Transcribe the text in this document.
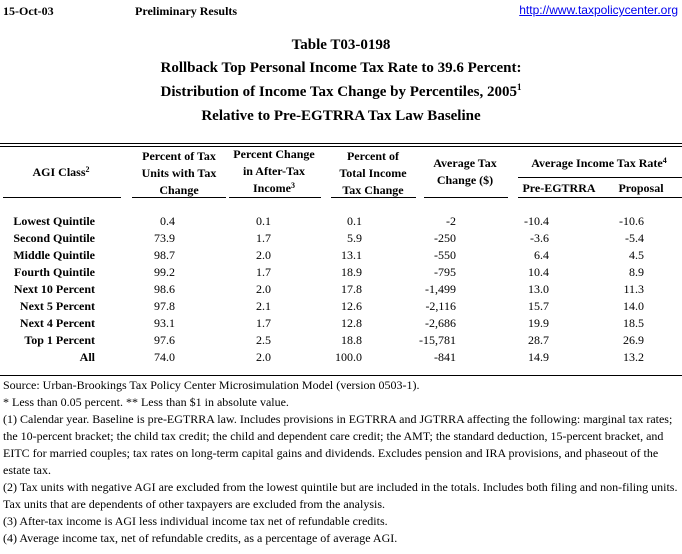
15-Oct-03	Preliminary Results	http://www.taxpolicycenter.org
Table T03-0198
Rollback Top Personal Income Tax Rate to 39.6 Percent:
Distribution of Income Tax Change by Percentiles, 2005$^1$
Relative to Pre-EGTRRA Tax Law Baseline
AGI Class$^2$
Percent of Tax
Units with Tax
Change
Percent Change
in After-Tax
Income$^3$
Percent of
Total Income
Tax Change
Average Tax
Change ($)
Average Income Tax Rate$^4$
Pre-EGTRRA	Proposal
Lowest Quintile	0.4	0.1	0.1	-2	-10.4	-10.6
Second Quintile	73.9	1.7	5.9	-250	-3.6	-5.4
Middle Quintile	98.7	2.0	13.1	-550	6.4	4.5
Fourth Quintile	99.2	1.7	18.9	-795	10.4	8.9
Next 10 Percent	98.6	2.0	17.8	-1,499	13.0	11.3
Next 5 Percent	97.8	2.1	12.6	-2,116	15.7	14.0
Next 4 Percent	93.1	1.7	12.8	-2,686	19.9	18.5
Top 1 Percent	97.6	2.5	18.8	-15,781	28.7	26.9
All	74.0	2.0	100.0	-841	14.9	13.2
Source: Urban-Brookings Tax Policy Center Microsimulation Model (version 0503-1).
* Less than 0.05 percent. ** Less than $1 in absolute value.
(1) Calendar year. Baseline is pre-EGTRRA law. Includes provisions in EGTRRA and JGTRRA affecting the following: marginal tax rates; the 10-percent bracket; the child tax credit; the child and dependent care credit; the AMT; the standard deduction, 15-percent bracket, and EITC for married couples; tax rates on long-term capital gains and dividends. Excludes pension and IRA provisions, and phaseout of the estate tax.
(2) Tax units with negative AGI are excluded from the lowest quintile but are included in the totals. Includes both filing and non-filing units. Tax units that are dependents of other taxpayers are excluded from the analysis.
(3) After-tax income is AGI less individual income tax net of refundable credits.
(4) Average income tax, net of refundable credits, as a percentage of average AGI.
